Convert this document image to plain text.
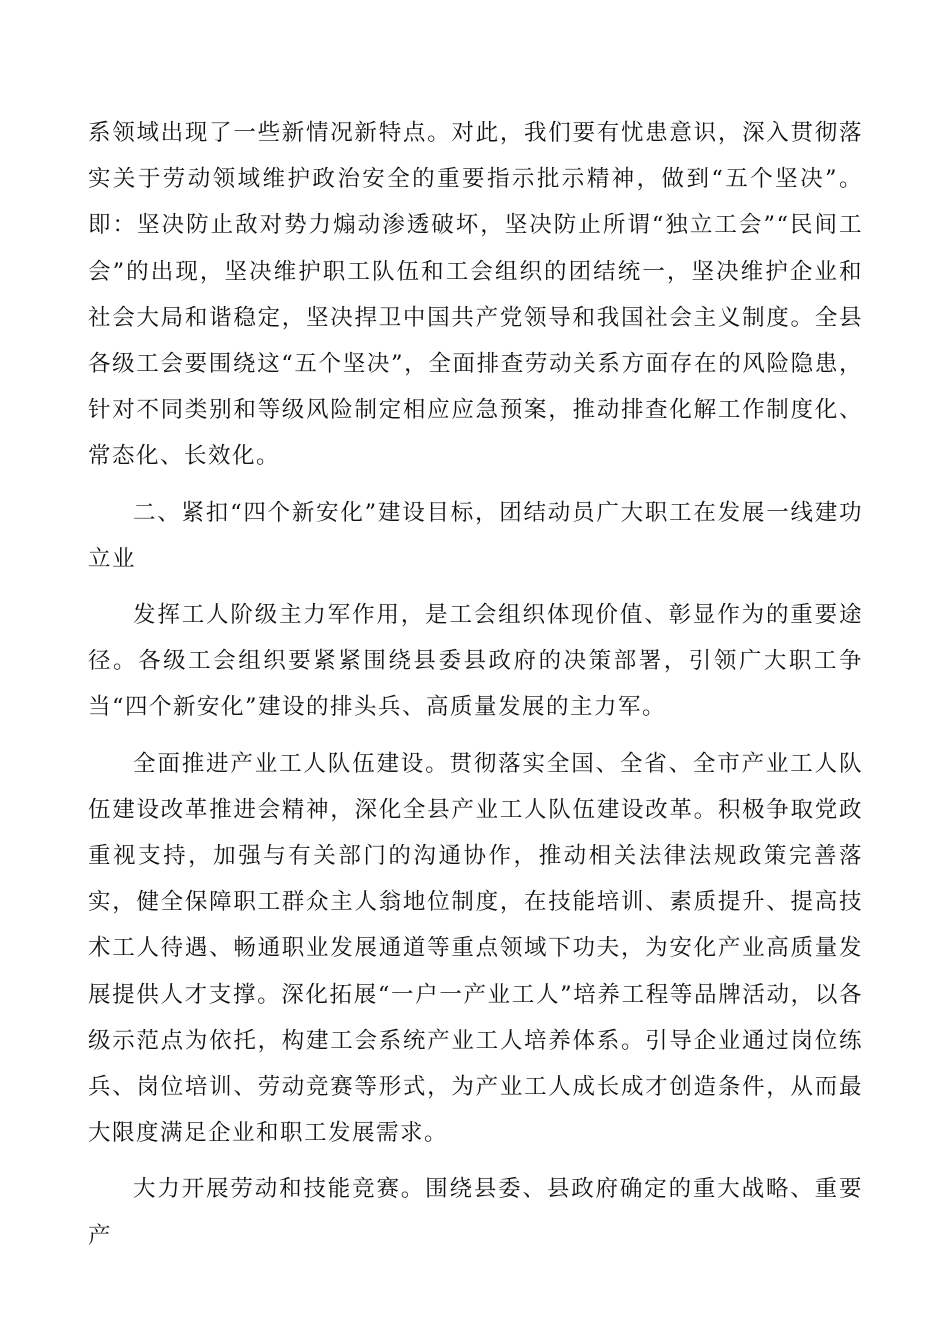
系领域出现了一些新情况新特点。对此，我们要有忧患意识，深入贯彻落实关于劳动领域维护政治安全的重要指示批示精神，做到“五个坚决”。即：坚决防止敌对势力煽动渗透破坏，坚决防止所谓“独立工会”“民间工会”的出现，坚决维护职工队伍和工会组织的团结统一，坚决维护企业和社会大局和谐稳定，坚决捍卫中国共产党领导和我国社会主义制度。全县各级工会要围绕这“五个坚决”，全面排查劳动关系方面存在的风险隐患，针对不同类别和等级风险制定相应应急预案，推动排查化解工作制度化、常态化、长效化。

二、紧扣“四个新安化”建设目标，团结动员广大职工在发展一线建功立业

发挥工人阶级主力军作用，是工会组织体现价值、彰显作为的重要途径。各级工会组织要紧紧围绕县委县政府的决策部署，引领广大职工争当“四个新安化”建设的排头兵、高质量发展的主力军。

全面推进产业工人队伍建设。贯彻落实全国、全省、全市产业工人队伍建设改革推进会精神，深化全县产业工人队伍建设改革。积极争取党政重视支持，加强与有关部门的沟通协作，推动相关法律法规政策完善落实，健全保障职工群众主人翁地位制度，在技能培训、素质提升、提高技术工人待遇、畅通职业发展通道等重点领域下功夫，为安化产业高质量发展提供人才支撑。深化拓展“一户一产业工人”培养工程等品牌活动，以各级示范点为依托，构建工会系统产业工人培养体系。引导企业通过岗位练兵、岗位培训、劳动竞赛等形式，为产业工人成长成才创造条件，从而最大限度满足企业和职工发展需求。

大力开展劳动和技能竞赛。围绕县委、县政府确定的重大战略、重要产
